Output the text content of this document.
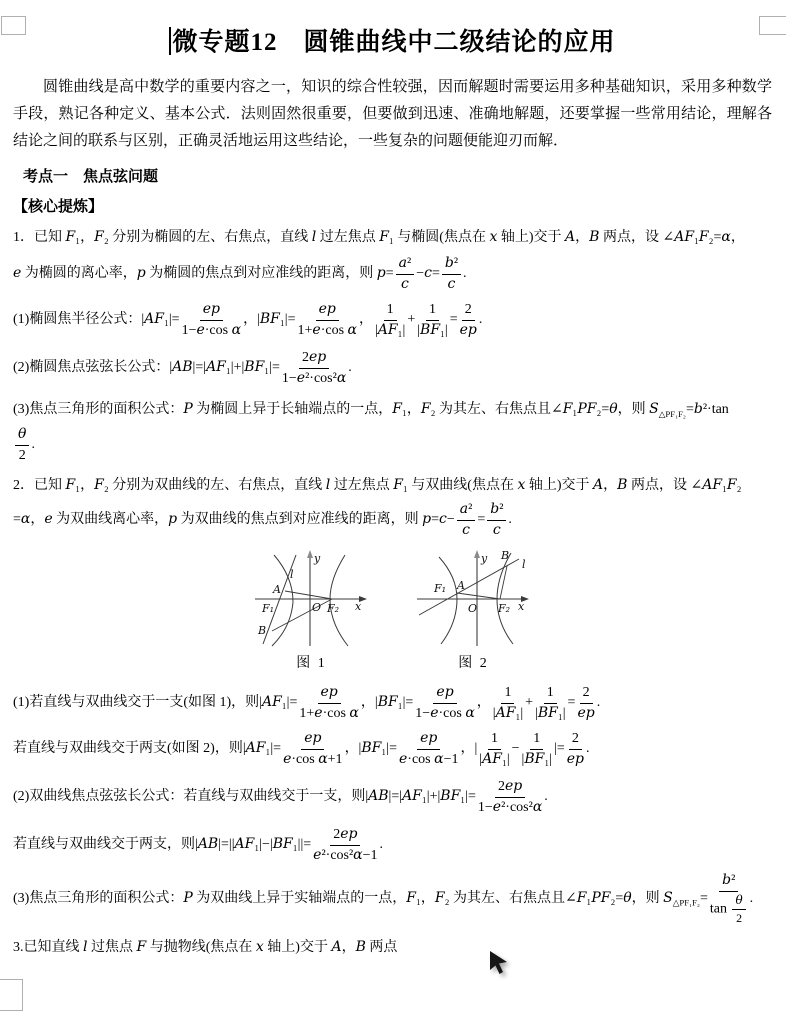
微专题12　圆锥曲线中二级结论的应用

圆锥曲线是高中数学的重要内容之一，知识的综合性较强，因而解题时需要运用多种基础知识，采用多种数学手段，熟记各种定义、基本公式．法则固然很重要，但要做到迅速、准确地解题，还要掌握一些常用结论，理解各结论之间的联系与区别，正确灵活地运用这些结论，一些复杂的问题便能迎刃而解．

考点一　焦点弦问题
【核心提炼】
1．已知 F₁，F₂ 分别为椭圆的左、右焦点，直线 l 过左焦点 F₁ 与椭圆(焦点在 x 轴上)交于 A，B 两点，设 ∠AF₁F₂=α，
e 为椭圆的离心率，p 为椭圆的焦点到对应准线的距离，则 $p= \frac{\text{a²}}{c} -c= \frac{\text{b²}}{c}$ .
(1)椭圆焦半径公式：$|AF_1|= \frac{ep}{\text{1−e·cos α}}$ ，$|BF_1|= \frac{ep}{\text{1+e·cos α}}$ ， $\frac{1}{\text{|AF₁|}} + \frac{1}{\text{|BF₁|}} = \frac{2}{ep}$ .
(2)椭圆焦点弦弦长公式：$|AB|=|AF_1|+|BF_1|= \frac{2ep}{\text{1−e²·cos²α}}$ .
(3)焦点三角形的面积公式：P 为椭圆上异于长轴端点的一点，F₁，F₂ 为其左、右焦点且∠F₁PF₂=θ，则 $S_{\triangle PF_1F_2}=b^2\cdot\tan$
$\frac{\theta}{2}$ .
2．已知 F₁，F₂ 分别为双曲线的左、右焦点，直线 l 过左焦点 F₁ 与双曲线(焦点在 x 轴上)交于 A，B 两点，设 ∠AF₁F₂
=α，e 为双曲线离心率，p 为双曲线的焦点到对应准线的距离，则 $p=c- \frac{\text{a²}}{c} = \frac{\text{b²}}{c}$ .
y
l
A
F₁	O F₂ x
B
图 1
y B
l
F₁ A
O F₂ x
图 2
(1)若直线与双曲线交于一支(如图 1)，则$|AF_1|= \frac{ep}{\text{1+e·cos α}}$ ，$|BF_1|= \frac{ep}{\text{1−e·cos α}}$ ， $\frac{1}{\text{|AF₁|}} + \frac{1}{\text{|BF₁|}} = \frac{2}{ep}$ .
若直线与双曲线交于两支(如图 2)，则$|AF_1|= \frac{ep}{\text{e·cos α+1}}$ ，$|BF_1|= \frac{ep}{\text{e·cos α−1}}$ ，| $\frac{1}{\text{|AF₁|}} - \frac{1}{\text{|BF₁|}}$ |= $\frac{2}{ep}$ .
(2)双曲线焦点弦弦长公式：若直线与双曲线交于一支，则$|AB|=|AF_1|+|BF_1|= \frac{2ep}{\text{1−e²·cos²α}}$ .
若直线与双曲线交于两支，则$|AB|=||AF_1|-|BF_1||= \frac{2ep}{\text{e²·cos²α−1}}$ .
(3)焦点三角形的面积公式：P 为双曲线上异于实轴端点的一点，F₁，F₂ 为其左、右焦点且∠F₁PF₂=θ，则 $S_{\triangle PF_1F_2}= \frac{\text{b²}}{\tan \frac{\theta}{2}}$ .
3.已知直线 l 过焦点 F 与抛物线(焦点在 x 轴上)交于 A，B 两点
